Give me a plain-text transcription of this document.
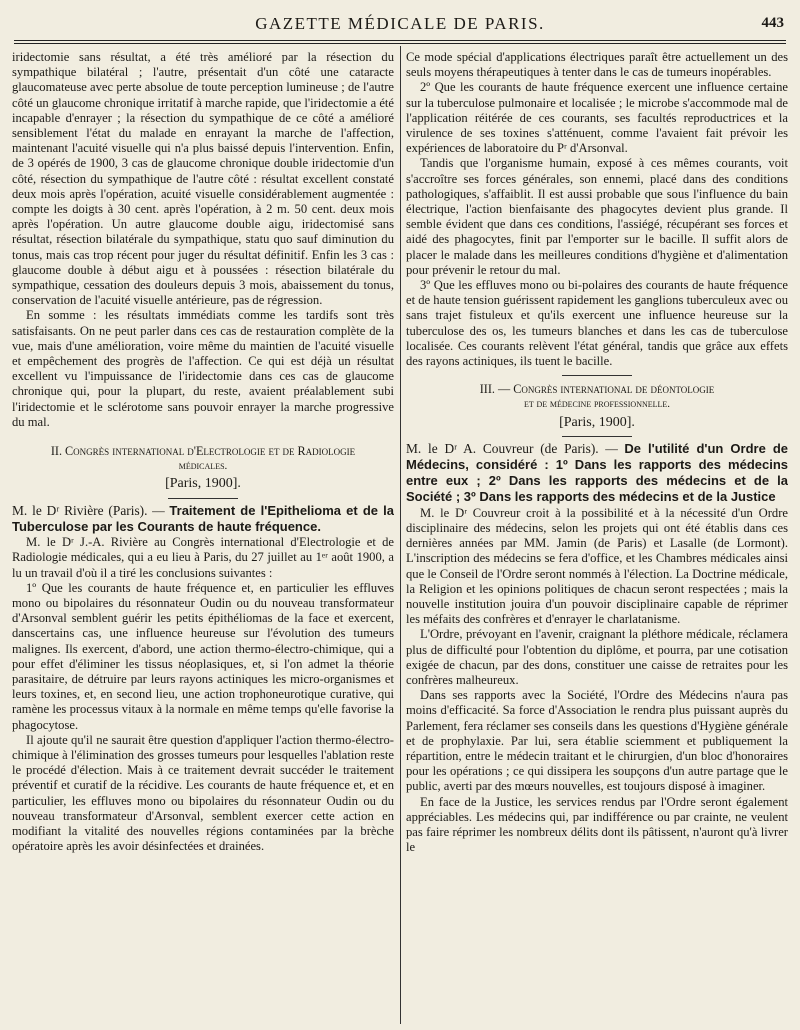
GAZETTE MÉDICALE DE PARIS.	443

iridectomie sans résultat, a été très amélioré par la résection du sympathique bilatéral ; l'autre, présentait d'un côté une cataracte glaucomateuse avec perte absolue de toute perception lumineuse ; de l'autre côté un glaucome chronique irritatif à marche rapide, que l'iridectomie a été incapable d'enrayer ; la résection du sympathique de ce côté a amélioré sensiblement l'état du malade en enrayant la marche de l'affection, maintenant l'acuité visuelle qui n'a plus baissé depuis l'intervention. Enfin, de 3 opérés de 1900, 3 cas de glaucome chronique double iridectomie d'un côté, résection du sympathique de l'autre côté : résultat excellent constaté deux mois après l'opération, acuité visuelle considérablement augmentée : compte les doigts à 30 cent. après l'opération, à 2 m. 50 cent. deux mois après l'opération. Un autre glaucome double aigu, iridectomisé sans résultat, résection bilatérale du sympathique, statu quo sauf diminution du tonus, mais cas trop récent pour juger du résultat définitif. Enfin les 3 cas : glaucome double à début aigu et à poussées : résection bilatérale du sympathique, cessation des douleurs depuis 3 mois, abaissement du tonus, conservation de l'acuité visuelle antérieure, pas de régression.

En somme : les résultats immédiats comme les tardifs sont très satisfaisants. On ne peut parler dans ces cas de restauration complète de la vue, mais d'une amélioration, voire même du maintien de l'acuité visuelle et empêchement des progrès de l'affection. Ce qui est déjà un résultat excellent vu l'impuissance de l'iridectomie dans ces cas de glaucome chronique qui, pour la plupart, du reste, avaient préalablement subi l'iridectomie et le sclérotome sans pouvoir enrayer la marche progressive du mal.

II. Congrès international d'Electrologie et de Radiologie
médicales.
[Paris, 1900].

M. le Dʳ Rivière (Paris). — Traitement de l'Epithelioma et de la Tuberculose par les Courants de haute fréquence.

M. le Dʳ J.-A. Rivière au Congrès international d'Electrologie et de Radiologie médicales, qui a eu lieu à Paris, du 27 juillet au 1ᵉʳ août 1900, a lu un travail d'où il a tiré les conclusions suivantes :

1º Que les courants de haute fréquence et, en particulier les effluves mono ou bipolaires du résonnateur Oudin ou du nouveau transformateur d'Arsonval semblent guérir les petits épithéliomas de la face et exercent, danscertains cas, une influence heureuse sur l'évolution des tumeurs malignes. Ils exercent, d'abord, une action thermo-électro-chimique, qui a pour effet d'éliminer les tissus néoplasiques, et, si l'on admet la théorie parasitaire, de détruire par leurs rayons actiniques les micro-organismes et leurs toxines, et, en second lieu, une action trophoneurotique curative, qui ramène les processus vitaux à la normale en même temps qu'elle favorise la phagocytose.

Il ajoute qu'il ne saurait être question d'appliquer l'action thermo-électro-chimique à l'élimination des grosses tumeurs pour lesquelles l'ablation reste le procédé d'élection. Mais à ce traitement devrait succéder le traitement préventif et curatif de la récidive. Les courants de haute fréquence et, et en particulier, les effluves mono ou bipolaires du résonnateur Oudin ou du nouveau transformateur d'Arsonval, semblent exercer cette action en modifiant la vitalité des nouvelles régions contaminées par la brèche opératoire après les avoir désinfectées et drainées.

Ce mode spécial d'applications électriques paraît être actuellement un des seuls moyens thérapeutiques à tenter dans le cas de tumeurs inopérables.

2º Que les courants de haute fréquence exercent une influence certaine sur la tuberculose pulmonaire et localisée ; le microbe s'accommode mal de l'application réitérée de ces courants, ses facultés reproductrices et la virulence de ses toxines s'atténuent, comme l'avaient fait prévoir les expériences de laboratoire du Pʳ d'Arsonval.

Tandis que l'organisme humain, exposé à ces mêmes courants, voit s'accroître ses forces générales, son ennemi, placé dans des conditions pathologiques, s'affaiblit. Il est aussi probable que sous l'influence du bain électrique, l'action bienfaisante des phagocytes devient plus grande. Il semble évident que dans ces conditions, l'assiégé, récupérant ses forces et aidé des phagocytes, finit par l'emporter sur le bacille. Il suffit alors de placer le malade dans les meilleures conditions d'hygiène et d'alimentation pour prévenir le retour du mal.

3º Que les effluves mono ou bi-polaires des courants de haute fréquence et de haute tension guérissent rapidement les ganglions tuberculeux avec ou sans trajet fistuleux et qu'ils exercent une influence heureuse sur la tuberculose des os, les tumeurs blanches et dans les cas de tuberculose localisée. Ces courants relèvent l'état général, tandis que grâce aux effets des rayons actiniques, ils tuent le bacille.

III. — Congrès international de déontologie
et de médecine professionnelle.
[Paris, 1900].

M. le Dʳ A. Couvreur (de Paris). — De l'utilité d'un Ordre de Médecins, considéré : 1º Dans les rapports des médecins entre eux ; 2º Dans les rapports des médecins et de la Société ; 3º Dans les rapports des médecins et de la Justice

M. le Dʳ Couvreur croit à la possibilité et à la nécessité d'un Ordre disciplinaire des médecins, selon les projets qui ont été établis dans ces dernières années par MM. Jamin (de Paris) et Lasalle (de Lormont). L'inscription des médecins se fera d'office, et les Chambres médicales ainsi que le Conseil de l'Ordre seront nommés à l'élection. La Doctrine médicale, la Religion et les opinions politiques de chacun seront respectées ; mais la nouvelle institution jouira d'un pouvoir disciplinaire capable de réprimer les méfaits des confrères et d'enrayer le charlatanisme.

L'Ordre, prévoyant en l'avenir, craignant la pléthore médicale, réclamera plus de difficulté pour l'obtention du diplôme, et pourra, par une cotisation exigée de chacun, par des dons, constituer une caisse de retraites pour les confrères malheureux.

Dans ses rapports avec la Société, l'Ordre des Médecins n'aura pas moins d'efficacité. Sa force d'Association le rendra plus puissant auprès du Parlement, fera réclamer ses conseils dans les questions d'Hygiène générale et de prophylaxie. Par lui, sera établie sciemment et publiquement la répartition, entre le médecin traitant et le chirurgien, d'un bloc d'honoraires pour les opérations ; ce qui dissipera les soupçons d'un autre partage que le public, averti par des mœurs nouvelles, est toujours disposé à imaginer.

En face de la Justice, les services rendus par l'Ordre seront également appréciables. Les médecins qui, par indifférence ou par crainte, ne veulent pas faire réprimer les nombreux délits dont ils pâtissent, n'auront qu'à livrer le
